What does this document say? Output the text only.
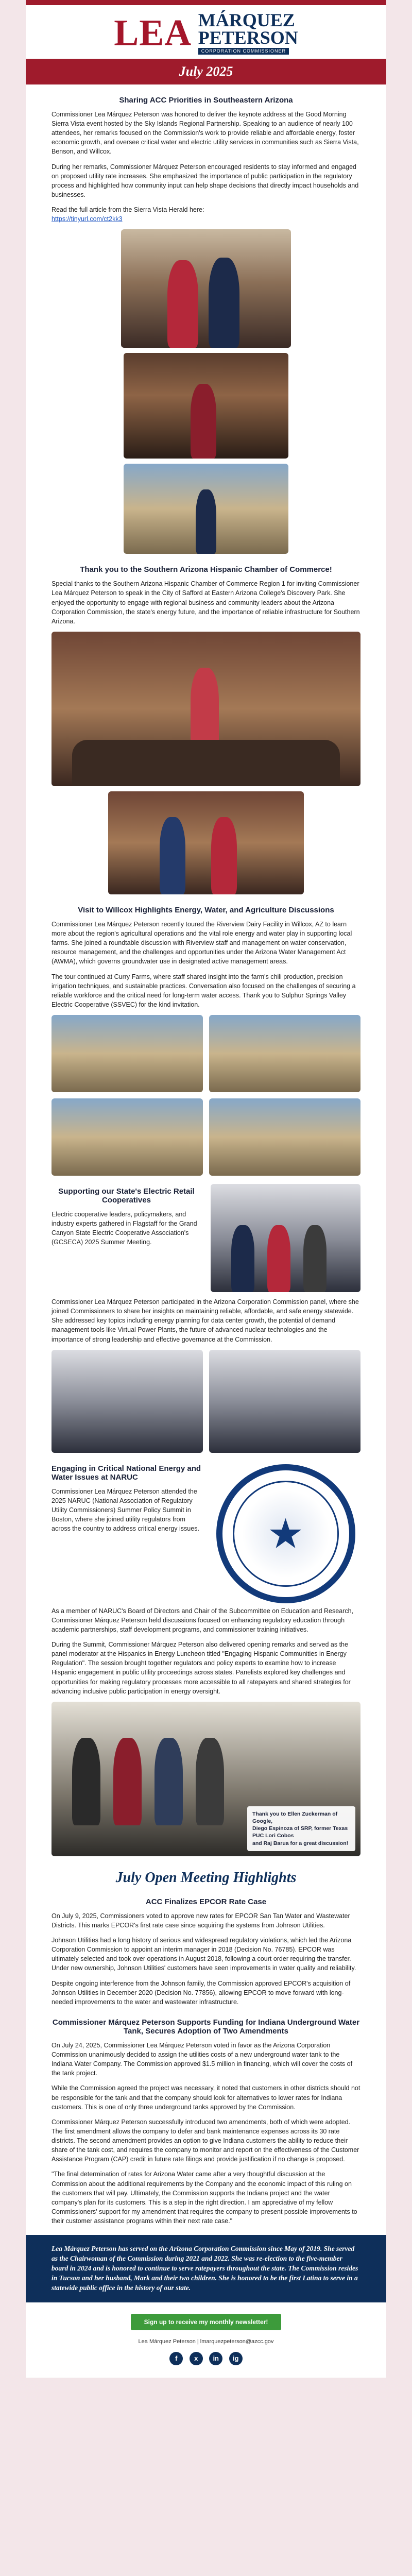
LEA MÁRQUEZ
PETERSON
CORPORATION COMMISSIONER
July 2025
Sharing ACC Priorities in Southeastern Arizona

Commissioner Lea Márquez Peterson was honored to deliver the keynote address at the Good Morning Sierra Vista event hosted by the Sky Islands Regional Partnership. Speaking to an audience of nearly 100 attendees, her remarks focused on the Commission's work to provide reliable and affordable energy, foster economic growth, and oversee critical water and electric utility services in communities such as Sierra Vista, Benson, and Willcox.

During her remarks, Commissioner Márquez Peterson encouraged residents to stay informed and engaged on proposed utility rate increases. She emphasized the importance of public participation in the regulatory process and highlighted how community input can help shape decisions that directly impact households and businesses.

Read the full article from the Sierra Vista Herald here:
https://tinyurl.com/ct2kk3

Thank you to the Southern Arizona Hispanic Chamber of Commerce!

Special thanks to the Southern Arizona Hispanic Chamber of Commerce Region 1 for inviting Commissioner Lea Márquez Peterson to speak in the City of Safford at Eastern Arizona College's Discovery Park. She enjoyed the opportunity to engage with regional business and community leaders about the Arizona Corporation Commission, the state's energy future, and the importance of reliable infrastructure for Southern Arizona.

Visit to Willcox Highlights Energy, Water, and Agriculture Discussions

Commissioner Lea Márquez Peterson recently toured the Riverview Dairy Facility in Willcox, AZ to learn more about the region's agricultural operations and the vital role energy and water play in supporting local farms. She joined a roundtable discussion with Riverview staff and management on water conservation, resource management, and the challenges and opportunities under the Arizona Water Management Act (AWMA), which governs groundwater use in designated active management areas.

The tour continued at Curry Farms, where staff shared insight into the farm's chili production, precision irrigation techniques, and sustainable practices. Conversation also focused on the challenges of securing a reliable workforce and the critical need for long-term water access. Thank you to Sulphur Springs Valley Electric Cooperative (SSVEC) for the kind invitation.

Supporting our State's Electric Retail Cooperatives

Electric cooperative leaders, policymakers, and industry experts gathered in Flagstaff for the Grand Canyon State Electric Cooperative Association's (GCSECA) 2025 Summer Meeting.

Commissioner Lea Márquez Peterson participated in the Arizona Corporation Commission panel, where she joined Commissioners to share her insights on maintaining reliable, affordable, and safe energy statewide. She addressed key topics including energy planning for data center growth, the potential of demand management tools like Virtual Power Plants, the future of advanced nuclear technologies and the importance of strong leadership and effective governance at the Commission.

Engaging in Critical National Energy and Water Issues at NARUC

Commissioner Lea Márquez Peterson attended the 2025 NARUC (National Association of Regulatory Utility Commissioners) Summer Policy Summit in Boston, where she joined utility regulators from across the country to address critical energy issues. ★

As a member of NARUC's Board of Directors and Chair of the Subcommittee on Education and Research, Commissioner Márquez Peterson held discussions focused on enhancing regulatory education through academic partnerships, staff development programs, and commissioner training initiatives.

During the Summit, Commissioner Márquez Peterson also delivered opening remarks and served as the panel moderator at the Hispanics in Energy Luncheon titled "Engaging Hispanic Communities in Energy Regulation". The session brought together regulators and policy experts to examine how to increase Hispanic engagement in public utility proceedings across states. Panelists explored key challenges and opportunities for making regulatory processes more accessible to all ratepayers and shared strategies for advancing inclusive public participation in energy oversight.

Thank you to Ellen Zuckerman of Google,
Diego Espinoza of SRP, former Texas PUC Lori Cobos
and Raj Barua for a great discussion!
July Open Meeting Highlights
ACC Finalizes EPCOR Rate Case

On July 9, 2025, Commissioners voted to approve new rates for EPCOR San Tan Water and Wastewater Districts. This marks EPCOR's first rate case since acquiring the systems from Johnson Utilities.

Johnson Utilities had a long history of serious and widespread regulatory violations, which led the Arizona Corporation Commission to appoint an interim manager in 2018 (Decision No. 76785). EPCOR was ultimately selected and took over operations in August 2018, following a court order requiring the transfer. Under new ownership, Johnson Utilities' customers have seen improvements in water quality and reliability.

Despite ongoing interference from the Johnson family, the Commission approved EPCOR's acquisition of Johnson Utilities in December 2020 (Decision No. 77856), allowing EPCOR to move forward with long-needed improvements to the water and wastewater infrastructure.

Commissioner Márquez Peterson Supports Funding for Indiana Underground Water Tank, Secures Adoption of Two Amendments

On July 24, 2025, Commissioner Lea Márquez Peterson voted in favor as the Arizona Corporation Commission unanimously decided to assign the utilities costs of a new underground water tank to the Indiana Water Company. The Commission approved $1.5 million in financing, which will cover the costs of the tank project.

While the Commission agreed the project was necessary, it noted that customers in other districts should not be responsible for the tank and that the company should look for alternatives to lower rates for Indiana customers. This is one of only three underground tanks approved by the Commission.

Commissioner Márquez Peterson successfully introduced two amendments, both of which were adopted. The first amendment allows the company to defer and bank maintenance expenses across its 30 rate districts. The second amendment provides an option to give Indiana customers the ability to reduce their share of the tank cost, and requires the company to monitor and report on the effectiveness of the Customer Assistance Program (CAP) credit in future rate filings and provide justification if no change is proposed.

"The final determination of rates for Arizona Water came after a very thoughtful discussion at the Commission about the additional requirements by the Company and the economic impact of this ruling on the customers that will pay. Ultimately, the Commission supports the Indiana project and the water company's plan for its customers. This is a step in the right direction. I am appreciative of my fellow Commissioners' support for my amendment that requires the company to present possible improvements to their customer assistance programs within their next rate case."

Lea Márquez Peterson has served on the Arizona Corporation Commission since May of 2019. She served as the Chairwoman of the Commission during 2021 and 2022. She was re-election to the five-member board in 2024 and is honored to continue to serve ratepayers throughout the state. The Commission resides in Tucson and her husband, Mark and their two children. She is honored to be the first Latina to serve in a statewide public office in the history of our state.

Sign up to receive my monthly newsletter!
Lea Márquez Peterson | lmarquezpeterson@azcc.gov
f	x in ig
